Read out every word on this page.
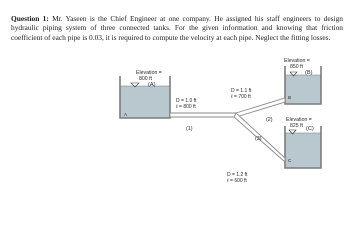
Question 1: Mr. Yaseen is the Chief Engineer at one company. He assigned his staff engineers to design hydraulic piping system of three connected tanks. For the given information and knowing that friction coefficient of each pipe is 0.03, it is required to compute the velocity at each pipe. Neglect the fitting losses.

Elevation =
800 ft
(A)
A
Elevation =
850 ft
(B)
B
Elevation =
825 ft (C)
C
(1)
D = 1.0 ft
ℓ = 800 ft
(2)
D = 1.1 ft
ℓ = 700 ft
(3)
D = 1.2 ft
ℓ = 600 ft
